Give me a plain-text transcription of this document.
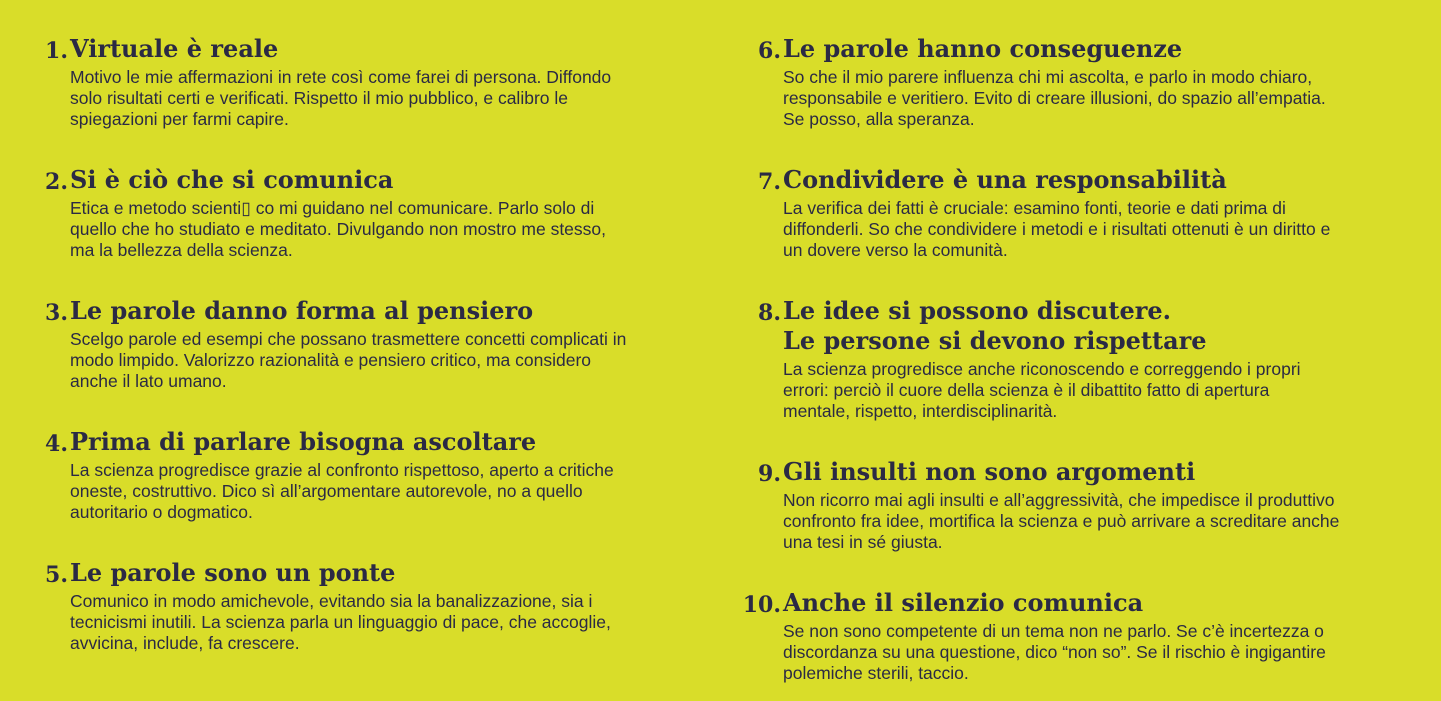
1. Virtuale è reale
Motivo le mie affermazioni in rete così come farei di persona. Diffondo
solo risultati certi e verificati. Rispetto il mio pubblico, e calibro le
spiegazioni per farmi capire.
2. Si è ciò che si comunica
Etica e metodo scienti▯ co mi guidano nel comunicare. Parlo solo di
quello che ho studiato e meditato. Divulgando non mostro me stesso,
ma la bellezza della scienza.
3. Le parole danno forma al pensiero
Scelgo parole ed esempi che possano trasmettere concetti complicati in
modo limpido. Valorizzo razionalità e pensiero critico, ma considero
anche il lato umano.
4. Prima di parlare bisogna ascoltare
La scienza progredisce grazie al confronto rispettoso, aperto a critiche
oneste, costruttivo. Dico sì all’argomentare autorevole, no a quello
autoritario o dogmatico.
5. Le parole sono un ponte
Comunico in modo amichevole, evitando sia la banalizzazione, sia i
tecnicismi inutili. La scienza parla un linguaggio di pace, che accoglie,
avvicina, include, fa crescere.
6. Le parole hanno conseguenze
So che il mio parere influenza chi mi ascolta, e parlo in modo chiaro,
responsabile e veritiero. Evito di creare illusioni, do spazio all’empatia.
Se posso, alla speranza.
7. Condividere è una responsabilità
La verifica dei fatti è cruciale: esamino fonti, teorie e dati prima di
diffonderli. So che condividere i metodi e i risultati ottenuti è un diritto e
un dovere verso la comunità.
8. Le idee si possono discutere.
Le persone si devono rispettare
La scienza progredisce anche riconoscendo e correggendo i propri
errori: perciò il cuore della scienza è il dibattito fatto di apertura
mentale, rispetto, interdisciplinarità.
9. Gli insulti non sono argomenti
Non ricorro mai agli insulti e all’aggressività, che impedisce il produttivo
confronto fra idee, mortifica la scienza e può arrivare a screditare anche
una tesi in sé giusta.
10. Anche il silenzio comunica
Se non sono competente di un tema non ne parlo. Se c’è incertezza o
discordanza su una questione, dico “non so”. Se il rischio è ingigantire
polemiche sterili, taccio.
